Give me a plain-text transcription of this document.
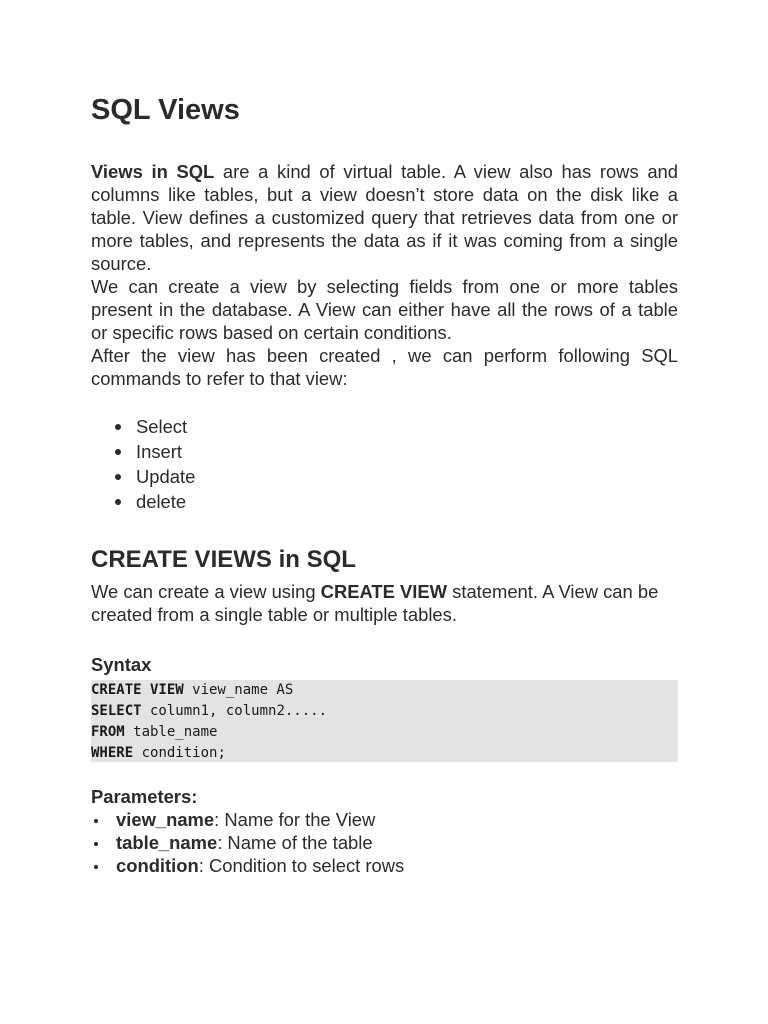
SQL Views

Views in SQL are a kind of virtual table. A view also has rows and columns like tables, but a view doesn’t store data on the disk like a table. View defines a customized query that retrieves data from one or more tables, and represents the data as if it was coming from a single source.

We can create a view by selecting fields from one or more tables present in the database. A View can either have all the rows of a table or specific rows based on certain conditions.

After the view has been created , we can perform following SQL commands to refer to that view:

Select
Insert
Update
delete
CREATE VIEWS in SQL

We can create a view using CREATE VIEW statement. A View can be created from a single table or multiple tables.

Syntax
CREATE VIEW view_name AS
SELECT column1, column2.....
FROM table_name
WHERE condition;
Parameters:
view_name: Name for the View
table_name: Name of the table
condition: Condition to select rows
